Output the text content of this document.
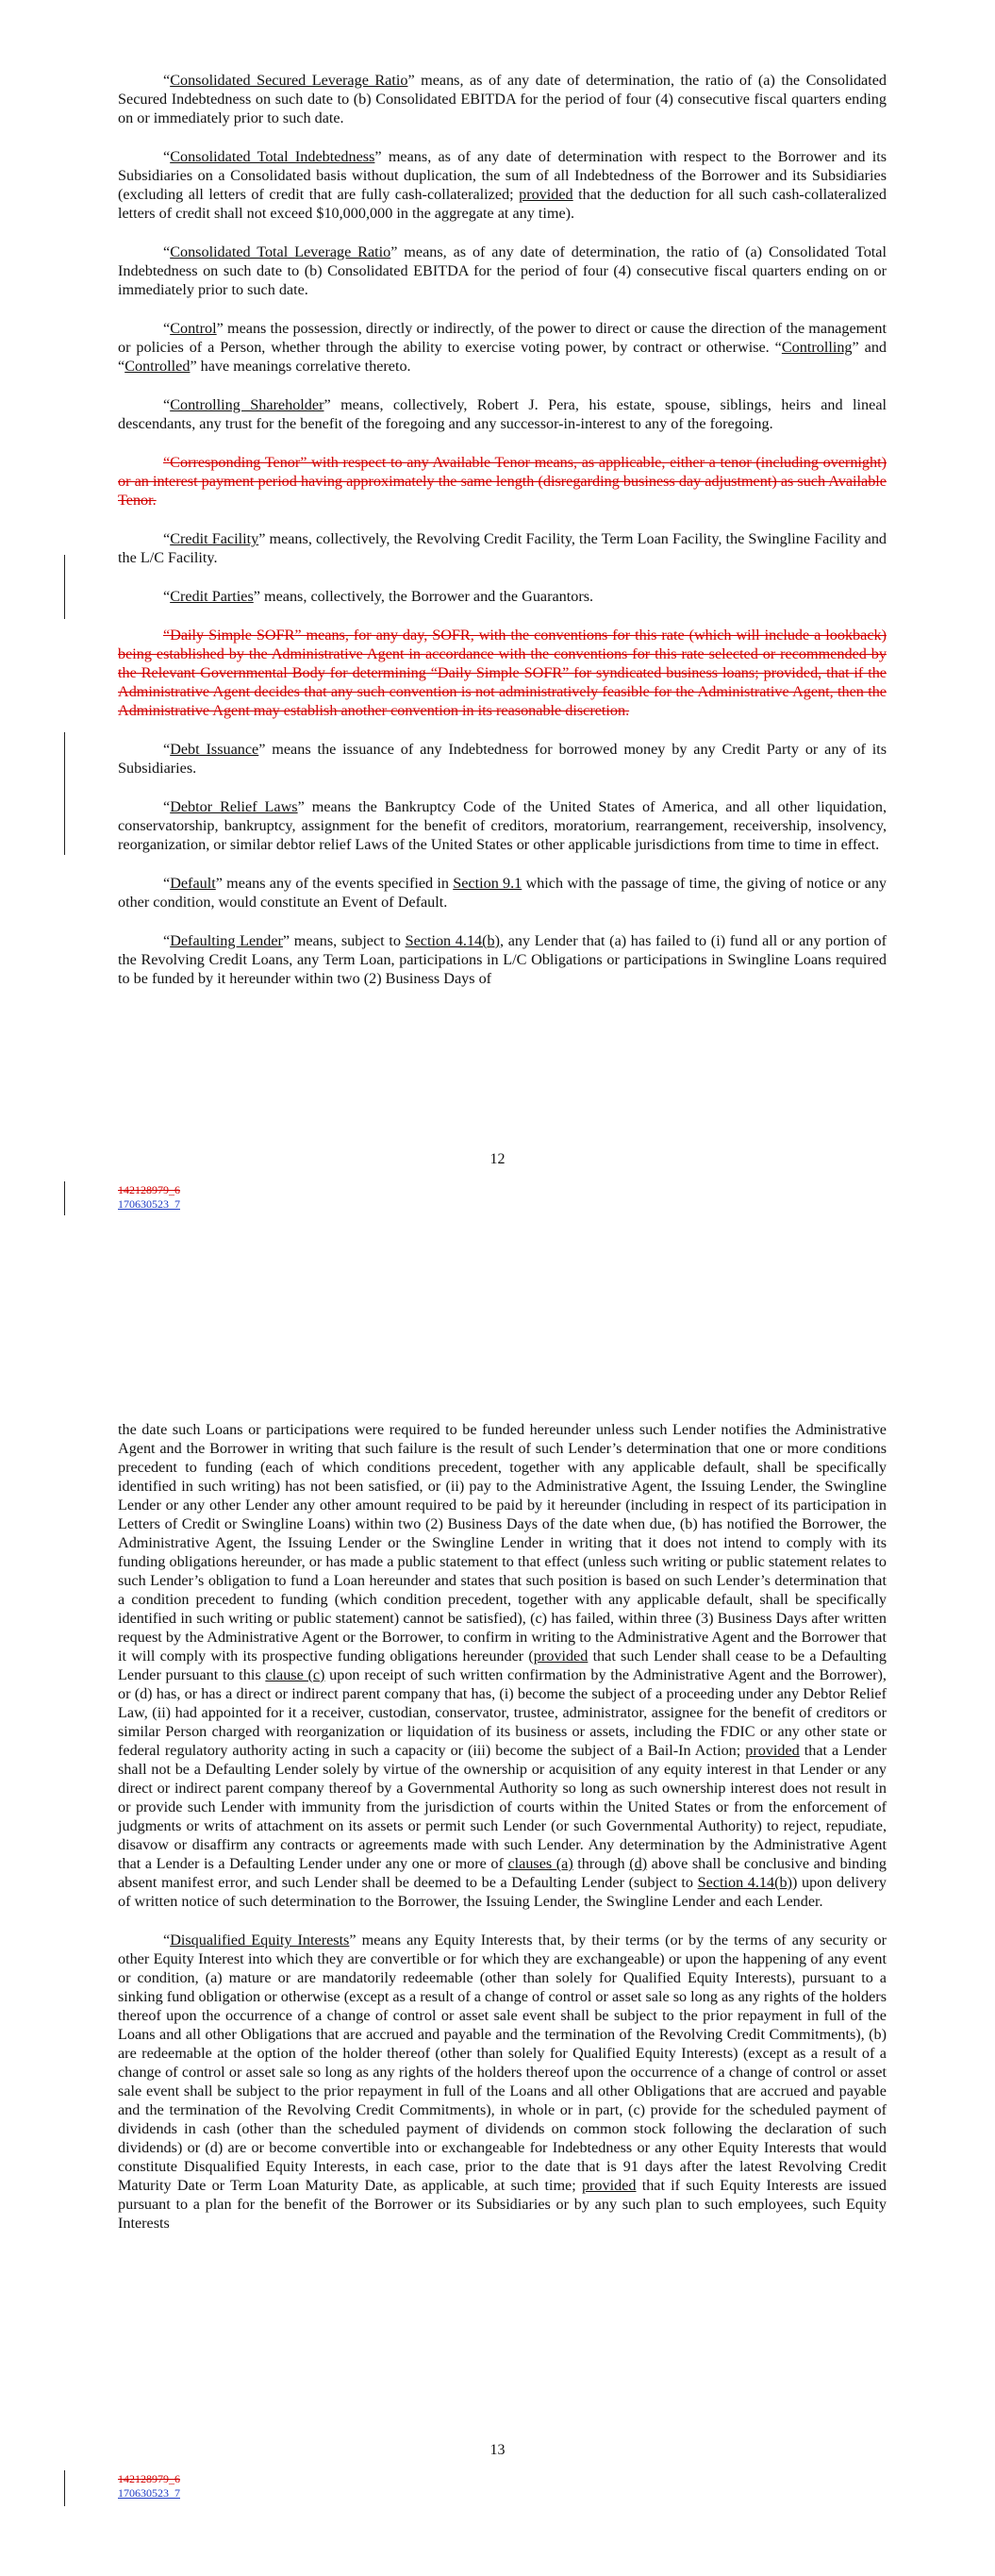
“Consolidated Secured Leverage Ratio” means, as of any date of determination, the ratio of (a) the Consolidated Secured Indebtedness on such date to (b) Consolidated EBITDA for the period of four (4) consecutive fiscal quarters ending on or immediately prior to such date.

“Consolidated Total Indebtedness” means, as of any date of determination with respect to the Borrower and its Subsidiaries on a Consolidated basis without duplication, the sum of all Indebtedness of the Borrower and its Subsidiaries (excluding all letters of credit that are fully cash-collateralized; provided that the deduction for all such cash-collateralized letters of credit shall not exceed $10,000,000 in the aggregate at any time).

“Consolidated Total Leverage Ratio” means, as of any date of determination, the ratio of (a) Consolidated Total Indebtedness on such date to (b) Consolidated EBITDA for the period of four (4) consecutive fiscal quarters ending on or immediately prior to such date.

“Control” means the possession, directly or indirectly, of the power to direct or cause the direction of the management or policies of a Person, whether through the ability to exercise voting power, by contract or otherwise. “Controlling” and “Controlled” have meanings correlative thereto.

“Controlling Shareholder” means, collectively, Robert J. Pera, his estate, spouse, siblings, heirs and lineal descendants, any trust for the benefit of the foregoing and any successor-in-interest to any of the foregoing.

“Corresponding Tenor” with respect to any Available Tenor means, as applicable, either a tenor (including overnight) or an interest payment period having approximately the same length (disregarding business day adjustment) as such Available Tenor.

“Credit Facility” means, collectively, the Revolving Credit Facility, the Term Loan Facility, the Swingline Facility and the L/C Facility.

“Credit Parties” means, collectively, the Borrower and the Guarantors.

“Daily Simple SOFR” means, for any day, SOFR, with the conventions for this rate (which will include a lookback) being established by the Administrative Agent in accordance with the conventions for this rate selected or recommended by the Relevant Governmental Body for determining “Daily Simple SOFR” for syndicated business loans; provided, that if the Administrative Agent decides that any such convention is not administratively feasible for the Administrative Agent, then the Administrative Agent may establish another convention in its reasonable discretion.

“Debt Issuance” means the issuance of any Indebtedness for borrowed money by any Credit Party or any of its Subsidiaries.

“Debtor Relief Laws” means the Bankruptcy Code of the United States of America, and all other liquidation, conservatorship, bankruptcy, assignment for the benefit of creditors, moratorium, rearrangement, receivership, insolvency, reorganization, or similar debtor relief Laws of the United States or other applicable jurisdictions from time to time in effect.

“Default” means any of the events specified in Section 9.1 which with the passage of time, the giving of notice or any other condition, would constitute an Event of Default.

“Defaulting Lender” means, subject to Section 4.14(b), any Lender that (a) has failed to (i) fund all or any portion of the Revolving Credit Loans, any Term Loan, participations in L/C Obligations or participations in Swingline Loans required to be funded by it hereunder within two (2) Business Days of

12
142128979_6
170630523_7

the date such Loans or participations were required to be funded hereunder unless such Lender notifies the Administrative Agent and the Borrower in writing that such failure is the result of such Lender’s determination that one or more conditions precedent to funding (each of which conditions precedent, together with any applicable default, shall be specifically identified in such writing) has not been satisfied, or (ii) pay to the Administrative Agent, the Issuing Lender, the Swingline Lender or any other Lender any other amount required to be paid by it hereunder (including in respect of its participation in Letters of Credit or Swingline Loans) within two (2) Business Days of the date when due, (b) has notified the Borrower, the Administrative Agent, the Issuing Lender or the Swingline Lender in writing that it does not intend to comply with its funding obligations hereunder, or has made a public statement to that effect (unless such writing or public statement relates to such Lender’s obligation to fund a Loan hereunder and states that such position is based on such Lender’s determination that a condition precedent to funding (which condition precedent, together with any applicable default, shall be specifically identified in such writing or public statement) cannot be satisfied), (c) has failed, within three (3) Business Days after written request by the Administrative Agent or the Borrower, to confirm in writing to the Administrative Agent and the Borrower that it will comply with its prospective funding obligations hereunder (provided that such Lender shall cease to be a Defaulting Lender pursuant to this clause (c) upon receipt of such written confirmation by the Administrative Agent and the Borrower), or (d) has, or has a direct or indirect parent company that has, (i) become the subject of a proceeding under any Debtor Relief Law, (ii) had appointed for it a receiver, custodian, conservator, trustee, administrator, assignee for the benefit of creditors or similar Person charged with reorganization or liquidation of its business or assets, including the FDIC or any other state or federal regulatory authority acting in such a capacity or (iii) become the subject of a Bail-In Action; provided that a Lender shall not be a Defaulting Lender solely by virtue of the ownership or acquisition of any equity interest in that Lender or any direct or indirect parent company thereof by a Governmental Authority so long as such ownership interest does not result in or provide such Lender with immunity from the jurisdiction of courts within the United States or from the enforcement of judgments or writs of attachment on its assets or permit such Lender (or such Governmental Authority) to reject, repudiate, disavow or disaffirm any contracts or agreements made with such Lender. Any determination by the Administrative Agent that a Lender is a Defaulting Lender under any one or more of clauses (a) through (d) above shall be conclusive and binding absent manifest error, and such Lender shall be deemed to be a Defaulting Lender (subject to Section 4.14(b)) upon delivery of written notice of such determination to the Borrower, the Issuing Lender, the Swingline Lender and each Lender.

“Disqualified Equity Interests” means any Equity Interests that, by their terms (or by the terms of any security or other Equity Interest into which they are convertible or for which they are exchangeable) or upon the happening of any event or condition, (a) mature or are mandatorily redeemable (other than solely for Qualified Equity Interests), pursuant to a sinking fund obligation or otherwise (except as a result of a change of control or asset sale so long as any rights of the holders thereof upon the occurrence of a change of control or asset sale event shall be subject to the prior repayment in full of the Loans and all other Obligations that are accrued and payable and the termination of the Revolving Credit Commitments), (b) are redeemable at the option of the holder thereof (other than solely for Qualified Equity Interests) (except as a result of a change of control or asset sale so long as any rights of the holders thereof upon the occurrence of a change of control or asset sale event shall be subject to the prior repayment in full of the Loans and all other Obligations that are accrued and payable and the termination of the Revolving Credit Commitments), in whole or in part, (c) provide for the scheduled payment of dividends in cash (other than the scheduled payment of dividends on common stock following the declaration of such dividends) or (d) are or become convertible into or exchangeable for Indebtedness or any other Equity Interests that would constitute Disqualified Equity Interests, in each case, prior to the date that is 91 days after the latest Revolving Credit Maturity Date or Term Loan Maturity Date, as applicable, at such time; provided that if such Equity Interests are issued pursuant to a plan for the benefit of the Borrower or its Subsidiaries or by any such plan to such employees, such Equity Interests

13
142128979_6
170630523_7
